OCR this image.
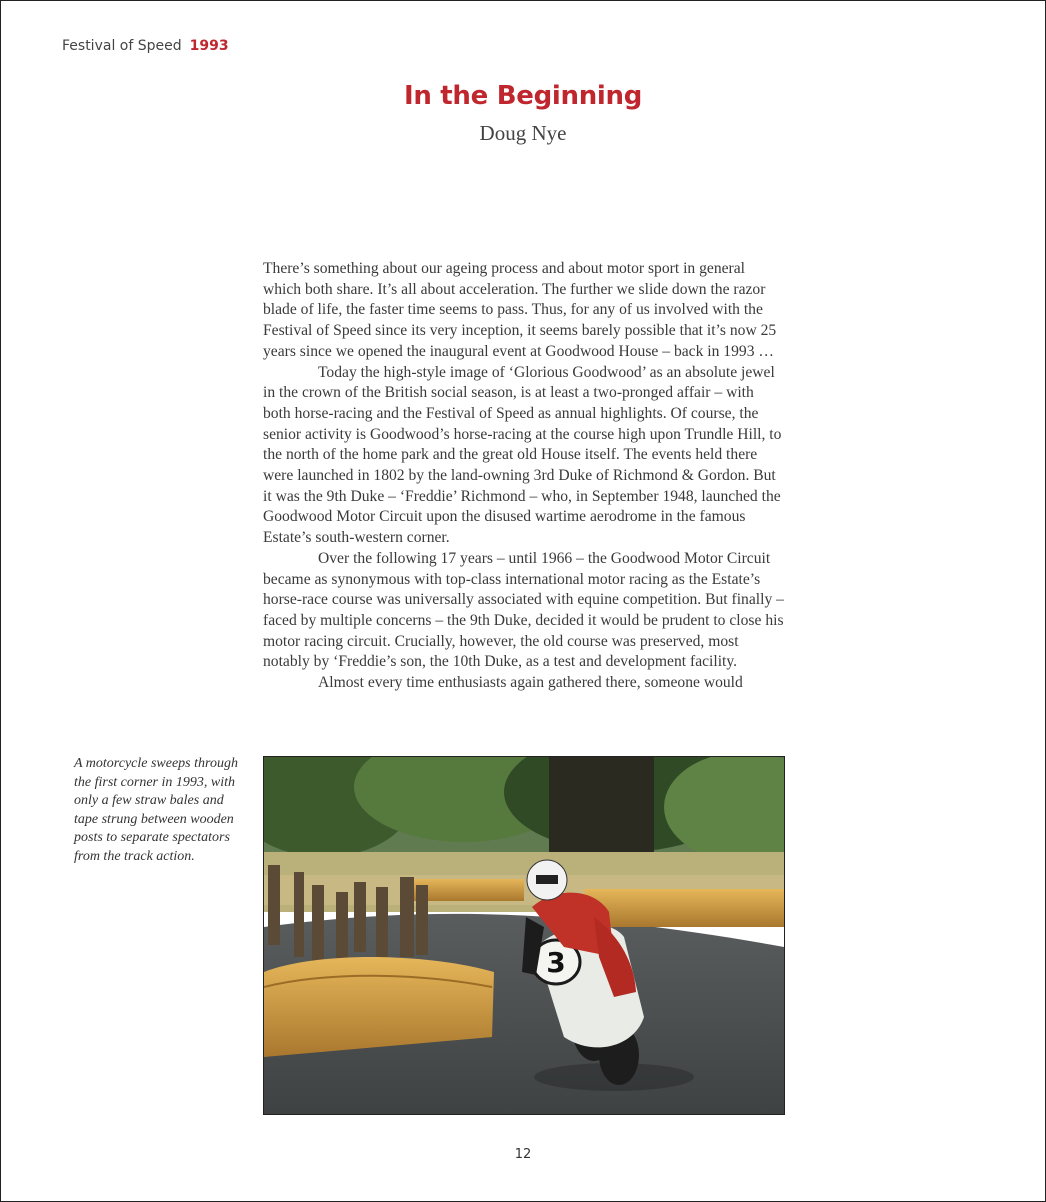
Festival of Speed 1993
In the Beginning
Doug Nye

There’s something about our ageing process and about motor sport in general which both share. It’s all about acceleration. The further we slide down the razor blade of life, the faster time seems to pass. Thus, for any of us involved with the Festival of Speed since its very inception, it seems barely possible that it’s now 25 years since we opened the inaugural event at Goodwood House – back in 1993 …

Today the high-style image of ‘Glorious Goodwood’ as an absolute jewel in the crown of the British social season, is at least a two-pronged affair – with both horse-racing and the Festival of Speed as annual highlights. Of course, the senior activity is Goodwood’s horse-racing at the course high upon Trundle Hill, to the north of the home park and the great old House itself. The events held there were launched in 1802 by the land-owning 3rd Duke of Richmond & Gordon. But it was the 9th Duke – ‘Freddie’ Richmond – who, in September 1948, launched the Goodwood Motor Circuit upon the disused wartime aerodrome in the famous Estate’s south-western corner.

Over the following 17 years – until 1966 – the Goodwood Motor Circuit became as synonymous with top-class international motor racing as the Estate’s horse-race course was universally associated with equine competition. But finally – faced by multiple concerns – the 9th Duke, decided it would be prudent to close his motor racing circuit. Crucially, however, the old course was preserved, most notably by ‘Freddie’s son, the 10th Duke, as a test and development facility.

Almost every time enthusiasts again gathered there, someone would

A motorcycle sweeps through the first corner in 1993, with only a few straw bales and tape strung between wooden posts to separate spectators from the track action.
3
12
